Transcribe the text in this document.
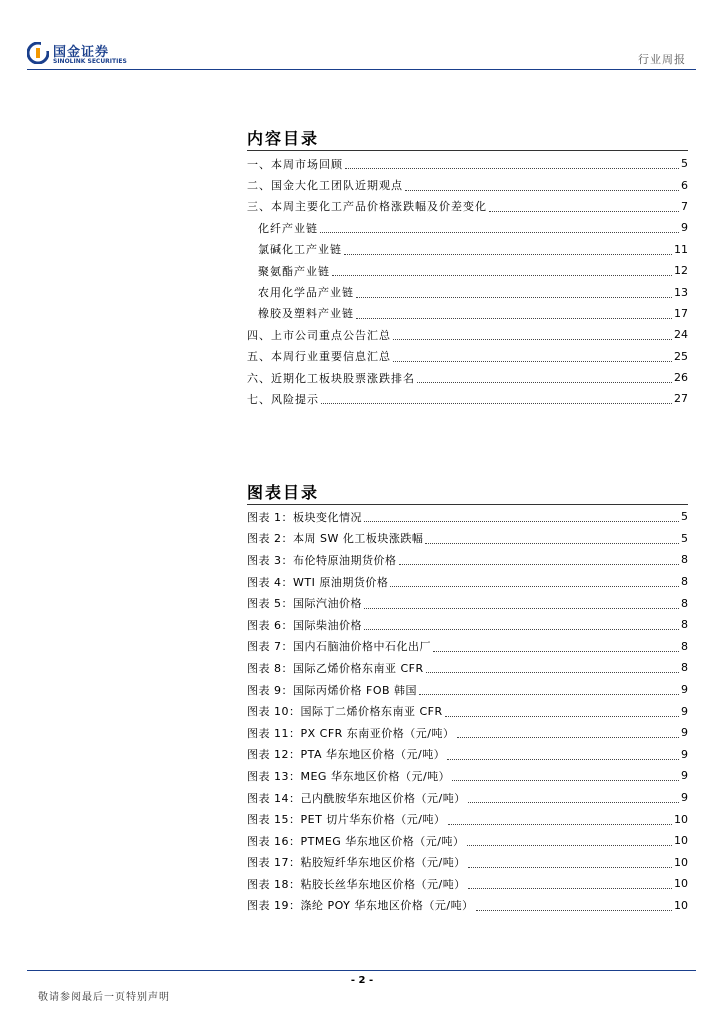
国金证券
SINOLINK SECURITIES	行业周报
内容目录
一、本周市场回顾	5
二、国金大化工团队近期观点	6
三、本周主要化工产品价格涨跌幅及价差变化	7
化纤产业链	9
氯碱化工产业链	11
聚氨酯产业链	12
农用化学品产业链	13
橡胶及塑料产业链	17
四、上市公司重点公告汇总	24
五、本周行业重要信息汇总	25
六、近期化工板块股票涨跌排名	26
七、风险提示	27
图表目录
图表 1：板块变化情况	5
图表 2：本周 SW 化工板块涨跌幅	5
图表 3：布伦特原油期货价格	8
图表 4：WTI 原油期货价格	8
图表 5：国际汽油价格	8
图表 6：国际柴油价格	8
图表 7：国内石脑油价格中石化出厂	8
图表 8：国际乙烯价格东南亚 CFR	8
图表 9：国际丙烯价格 FOB 韩国	9
图表 10：国际丁二烯价格东南亚 CFR	9
图表 11：PX CFR 东南亚价格（元/吨）	9
图表 12：PTA 华东地区价格（元/吨）	9
图表 13：MEG 华东地区价格（元/吨）	9
图表 14：己内酰胺华东地区价格（元/吨）	9
图表 15：PET 切片华东价格（元/吨）	10
图表 16：PTMEG 华东地区价格（元/吨）	10
图表 17：粘胶短纤华东地区价格（元/吨）	10
图表 18：粘胶长丝华东地区价格（元/吨）	10
图表 19：涤纶 POY 华东地区价格（元/吨）	10
- 2 -
敬请参阅最后一页特别声明
